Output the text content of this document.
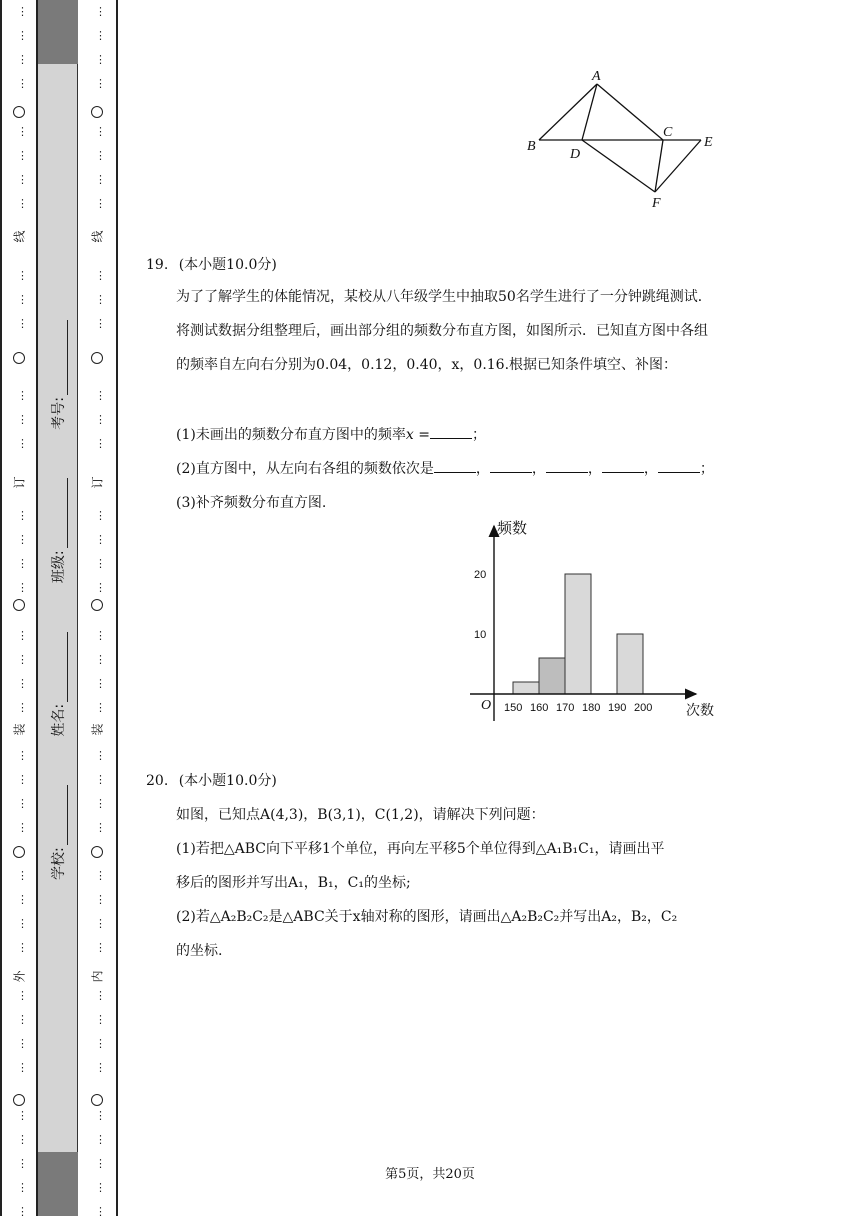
⋮
⋮
⋮
⋮
⋮
⋮
⋮
⋮
⋮
⋮
⋮
⋮
⋮
⋮
⋮
⋮
⋮
⋮
⋮
⋮
⋮
⋮
⋮
⋮
⋮
⋮
⋮
⋮
⋮
⋮
⋮
⋮
⋮
⋮
⋮
⋮
⋮
⋮
⋮
线
订
装
外
学校:
姓名:
班级:
考号:
⋮
⋮
⋮
⋮
⋮
⋮
⋮
⋮
⋮
⋮
⋮
⋮
⋮
⋮
⋮
⋮
⋮
⋮
⋮
⋮
⋮
⋮
⋮
⋮
⋮
⋮
⋮
⋮
⋮
⋮
⋮
⋮
⋮
⋮
⋮
⋮
⋮
⋮
⋮
线
订
装
内
A
B
C
D
E
F
19. (本小题10.0分)
为了了解学生的体能情况，某校从八年级学生中抽取50名学生进行了一分钟跳绳测试．将测试数据分组整理后，画出部分组的频数分布直方图，如图所示．已知直方图中各组的频率自左向右分别为0.04，0.12，0.40，x，0.16.根据已知条件填空、补图：
(1)未画出的频数分布直方图中的频率x =	；
(2)直方图中，从左向右各组的频数依次是	，	，	，	，	；
(3)补齐频数分布直方图.
10
20
150 160 170 180 190 200
频数
次数
O
20. (本小题10.0分)
如图，已知点A(4,3)，B(3,1)，C(1,2)，请解决下列问题：
(1)若把△ABC向下平移1个单位，再向左平移5个单位得到△A₁B₁C₁，请画出平
移后的图形并写出A₁，B₁，C₁的坐标;
(2)若△A₂B₂C₂是△ABC关于x轴对称的图形，请画出△A₂B₂C₂并写出A₂，B₂，C₂
的坐标.
第5页，共20页
